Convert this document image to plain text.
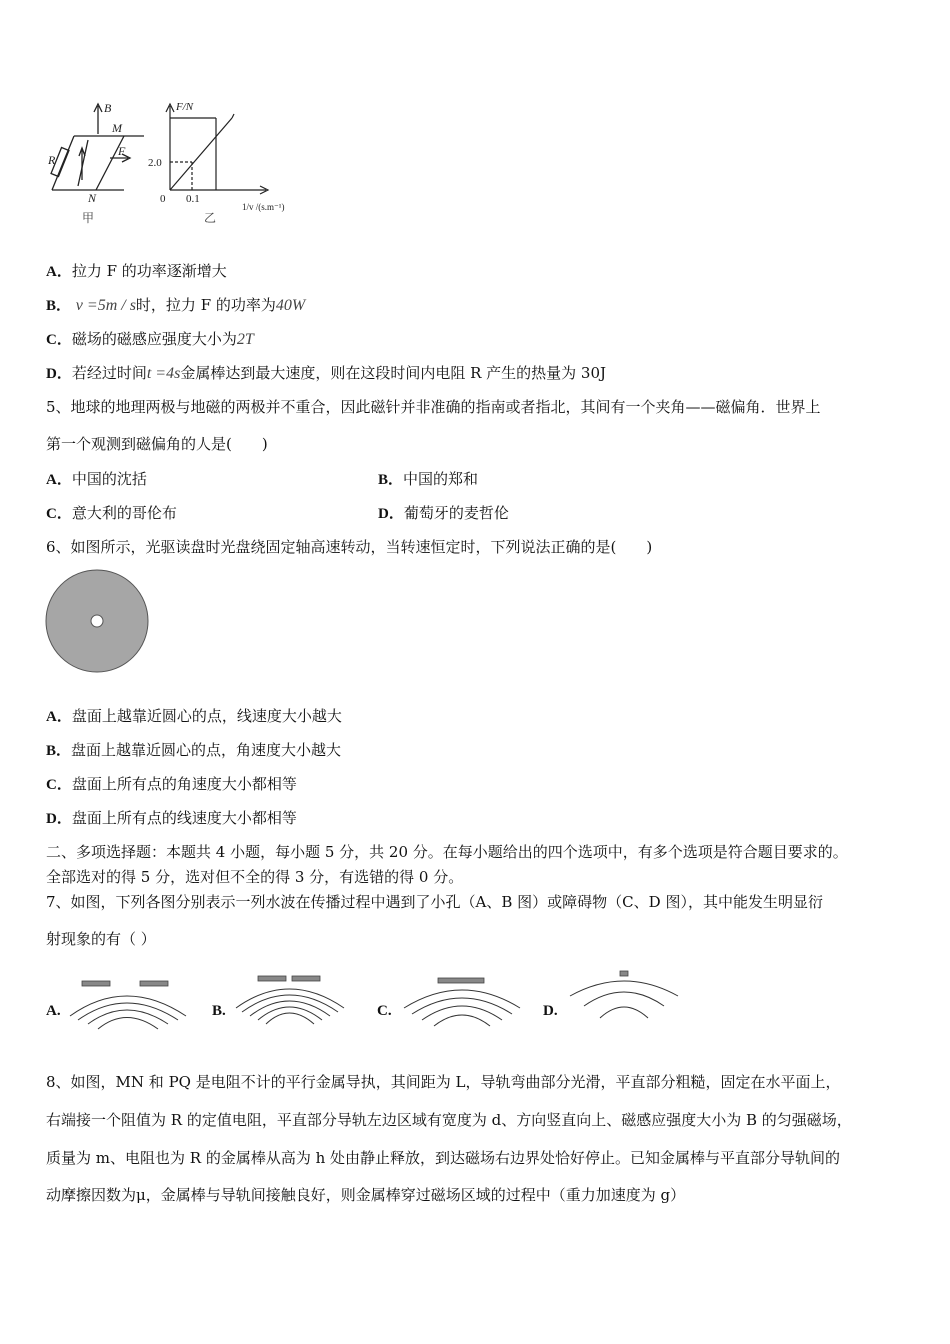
B
M
F
R
N
甲
F/N
2.0
0 0.1
1/v /(s.m⁻¹)
乙
A．拉力 F 的功率逐渐增大
B． v =5m / s时，拉力 F 的功率为40W
C．磁场的磁感应强度大小为2T
D．若经过时间t =4s金属棒达到最大速度，则在这段时间内电阻 R 产生的热量为 30J
5、地球的地理两极与地磁的两极并不重合，因此磁针并非准确的指南或者指北，其间有一个夹角——磁偏角．世界上
第一个观测到磁偏角的人是(　　)
A．中国的沈括	B．中国的郑和
C．意大利的哥伦布	D．葡萄牙的麦哲伦
6、如图所示，光驱读盘时光盘绕固定轴高速转动，当转速恒定时，下列说法正确的是(　　)
A．盘面上越靠近圆心的点，线速度大小越大
B．盘面上越靠近圆心的点，角速度大小越大
C．盘面上所有点的角速度大小都相等
D．盘面上所有点的线速度大小都相等
二、多项选择题：本题共 4 小题，每小题 5 分，共 20 分。在每小题给出的四个选项中，有多个选项是符合题目要求的。
全部选对的得 5 分，选对但不全的得 3 分，有选错的得 0 分。
7、如图，下列各图分别表示一列水波在传播过程中遇到了小孔（A、B 图）或障碍物（C、D 图），其中能发生明显衍
射现象的有（ ）
A.	B.	C.	D.
8、如图，MN 和 PQ 是电阻不计的平行金属导执，其间距为 L，导轨弯曲部分光滑，平直部分粗糙，固定在水平面上，
右端接一个阻值为 R 的定值电阻，平直部分导轨左边区域有宽度为 d、方向竖直向上、磁感应强度大小为 B 的匀强磁场，
质量为 m、电阻也为 R 的金属棒从高为 h 处由静止释放，到达磁场右边界处恰好停止。已知金属棒与平直部分导轨间的
动摩擦因数为μ，金属棒与导轨间接触良好，则金属棒穿过磁场区域的过程中（重力加速度为 g）
